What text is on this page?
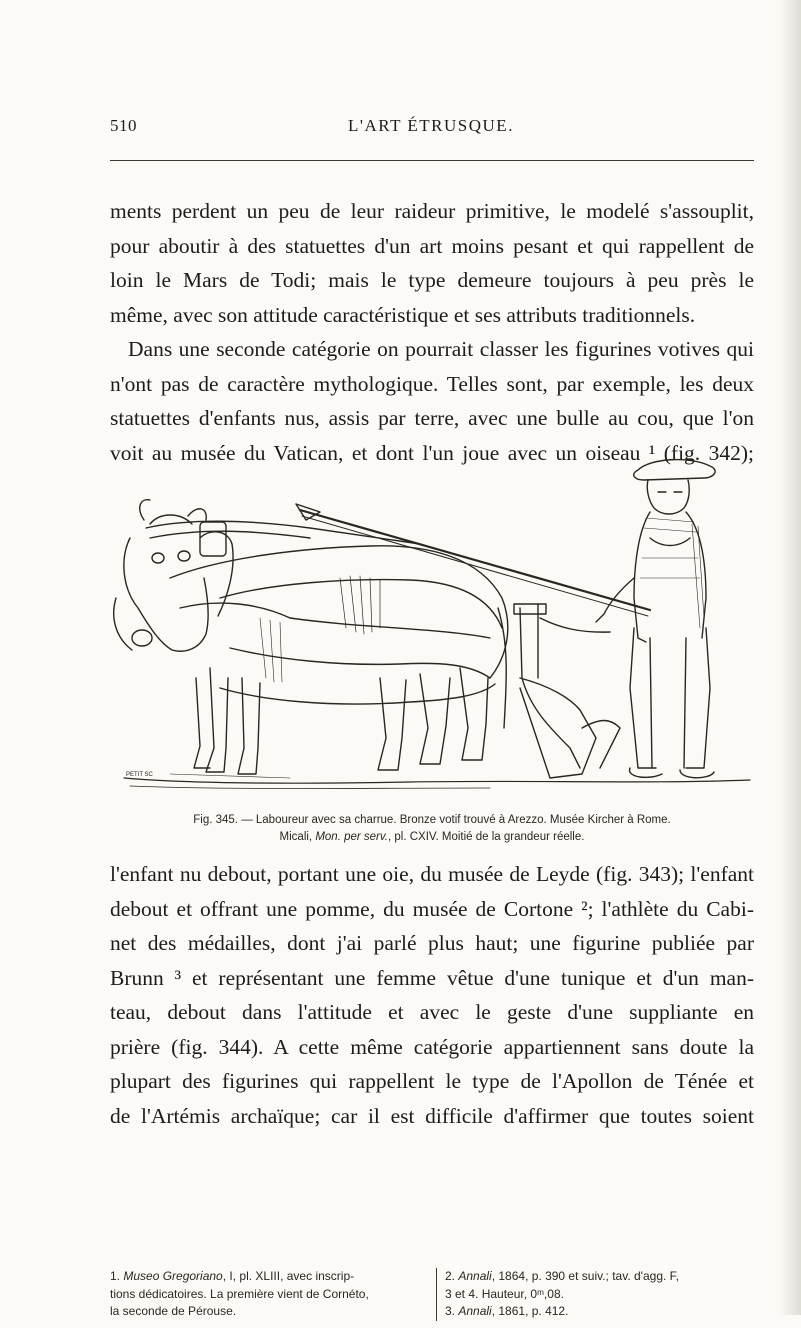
510	L'ART ÉTRUSQUE.

ments perdent un peu de leur raideur primitive, le modelé s'assouplit,

pour aboutir à des statuettes d'un art moins pesant et qui rappellent de

loin le Mars de Todi; mais le type demeure toujours à peu près le

même, avec son attitude caractéristique et ses attributs traditionnels.

Dans une seconde catégorie on pourrait classer les figurines votives qui

n'ont pas de caractère mythologique. Telles sont, par exemple, les deux

statuettes d'enfants nus, assis par terre, avec une bulle au cou, que l'on

voit au musée du Vatican, et dont l'un joue avec un oiseau ¹ (fig. 342);

PETIT SC
Fig. 345. — Laboureur avec sa charrue. Bronze votif trouvé à Arezzo. Musée Kircher à Rome.
Micali, Mon. per serv., pl. CXIV. Moitié de la grandeur réelle.

l'enfant nu debout, portant une oie, du musée de Leyde (fig. 343); l'enfant

debout et offrant une pomme, du musée de Cortone ²; l'athlète du Cabi-

net des médailles, dont j'ai parlé plus haut; une figurine publiée par

Brunn ³ et représentant une femme vêtue d'une tunique et d'un man-

teau, debout dans l'attitude et avec le geste d'une suppliante en

prière (fig. 344). A cette même catégorie appartiennent sans doute la

plupart des figurines qui rappellent le type de l'Apollon de Ténée et

de l'Artémis archaïque; car il est difficile d'affirmer que toutes soient

1. Museo Gregoriano, I, pl. XLIII, avec inscrip-
tions dédicatoires. La première vient de Cornéto,
la seconde de Pérouse.
2. Annali, 1864, p. 390 et suiv.; tav. d'agg. F,
3 et 4. Hauteur, 0ᵐ,08.
3. Annali, 1861, p. 412.
